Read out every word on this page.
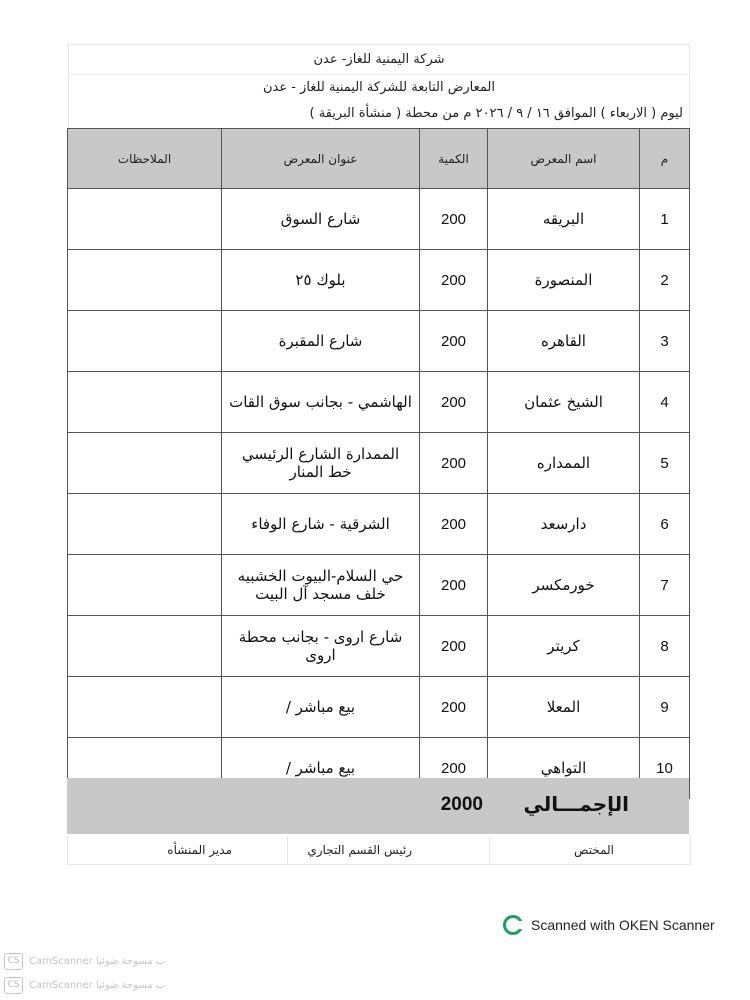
شركة اليمنية للغاز- عدن
المعارض التابعة للشركة اليمنية للغاز - عدن
ليوم ( الاربعاء ) الموافق ١٦ / ٩ / ٢٠٢٦ م من محطة ( منشأة البريقة )
م	اسم المعرض	الكمية	عنوان المعرض	الملاحظات
1	البريقه	200	شارع السوق	
2	المنصورة	200	بلوك ٢٥	
3	القاهره	200	شارع المقبرة	
4	الشيخ عثمان	200	الهاشمي - بجانب سوق القات	
5	الممداره	200	الممدارة الشارع الرئيسي خط المنار	
6	دارسعد	200	الشرقية - شارع الوفاء	
7	خورمكسر	200	حي السلام-البيوت الخشبيه خلف مسجد آل البيت	
8	كريتر	200	شارع اروى - بجانب محطة اروى	
9	المعلا	200	بيع مباشر /	
10	التواهي	200	بيع مباشر /	
الإجمـــالي
2000
المختص
رئيس القسم التجاري
مدير المنشأه
Scanned with OKEN Scanner
CS CamScanner ب مسوحة ضوئيا
CS CamScanner ب مسوحة ضوئيا
